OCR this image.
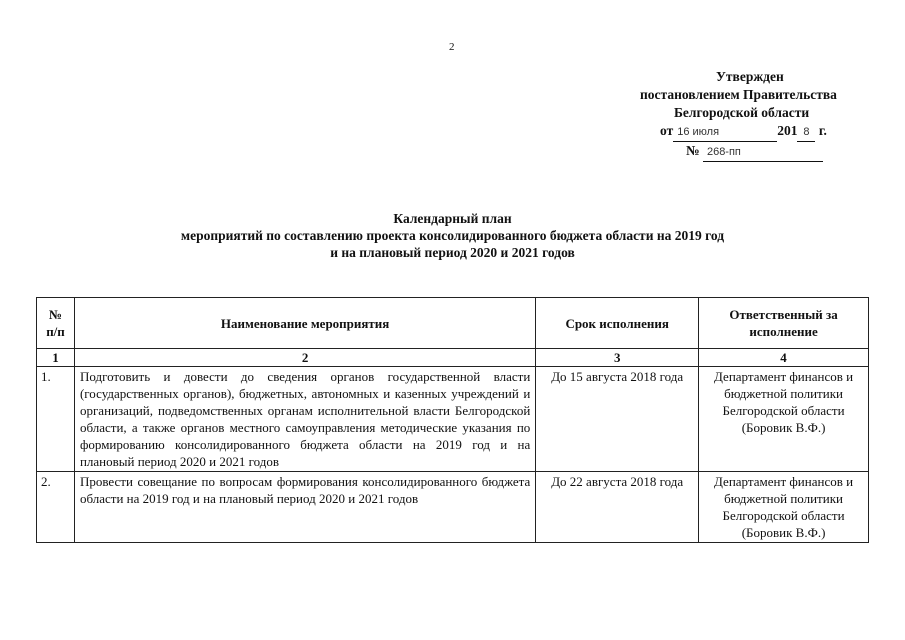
2
Утвержден
постановлением Правительства
Белгородской области
от 16 июля	201 8 г.
№ 268-пп
Календарный план
мероприятий по составлению проекта консолидированного бюджета области на 2019 год
и на плановый период 2020 и 2021 годов
№ п/п	Наименование мероприятия	Срок исполнения	Ответственный за исполнение
1	2	3	4
1.	Подготовить и довести до сведения органов государственной власти (государственных органов), бюджетных, автономных и казенных учреждений и организаций, подведомственных органам исполнительной власти Белгородской области, а также органов местного самоуправления методические указания по формированию консолидированного бюджета области на 2019 год и на плановый период 2020 и 2021 годов	До 15 августа 2018 года	Департамент финансов и бюджетной политики Белгородской области (Боровик В.Ф.)
2.	Провести совещание по вопросам формирования консолидированного бюджета области на 2019 год и на плановый период 2020 и 2021 годов	До 22 августа 2018 года	Департамент финансов и бюджетной политики Белгородской области (Боровик В.Ф.)
